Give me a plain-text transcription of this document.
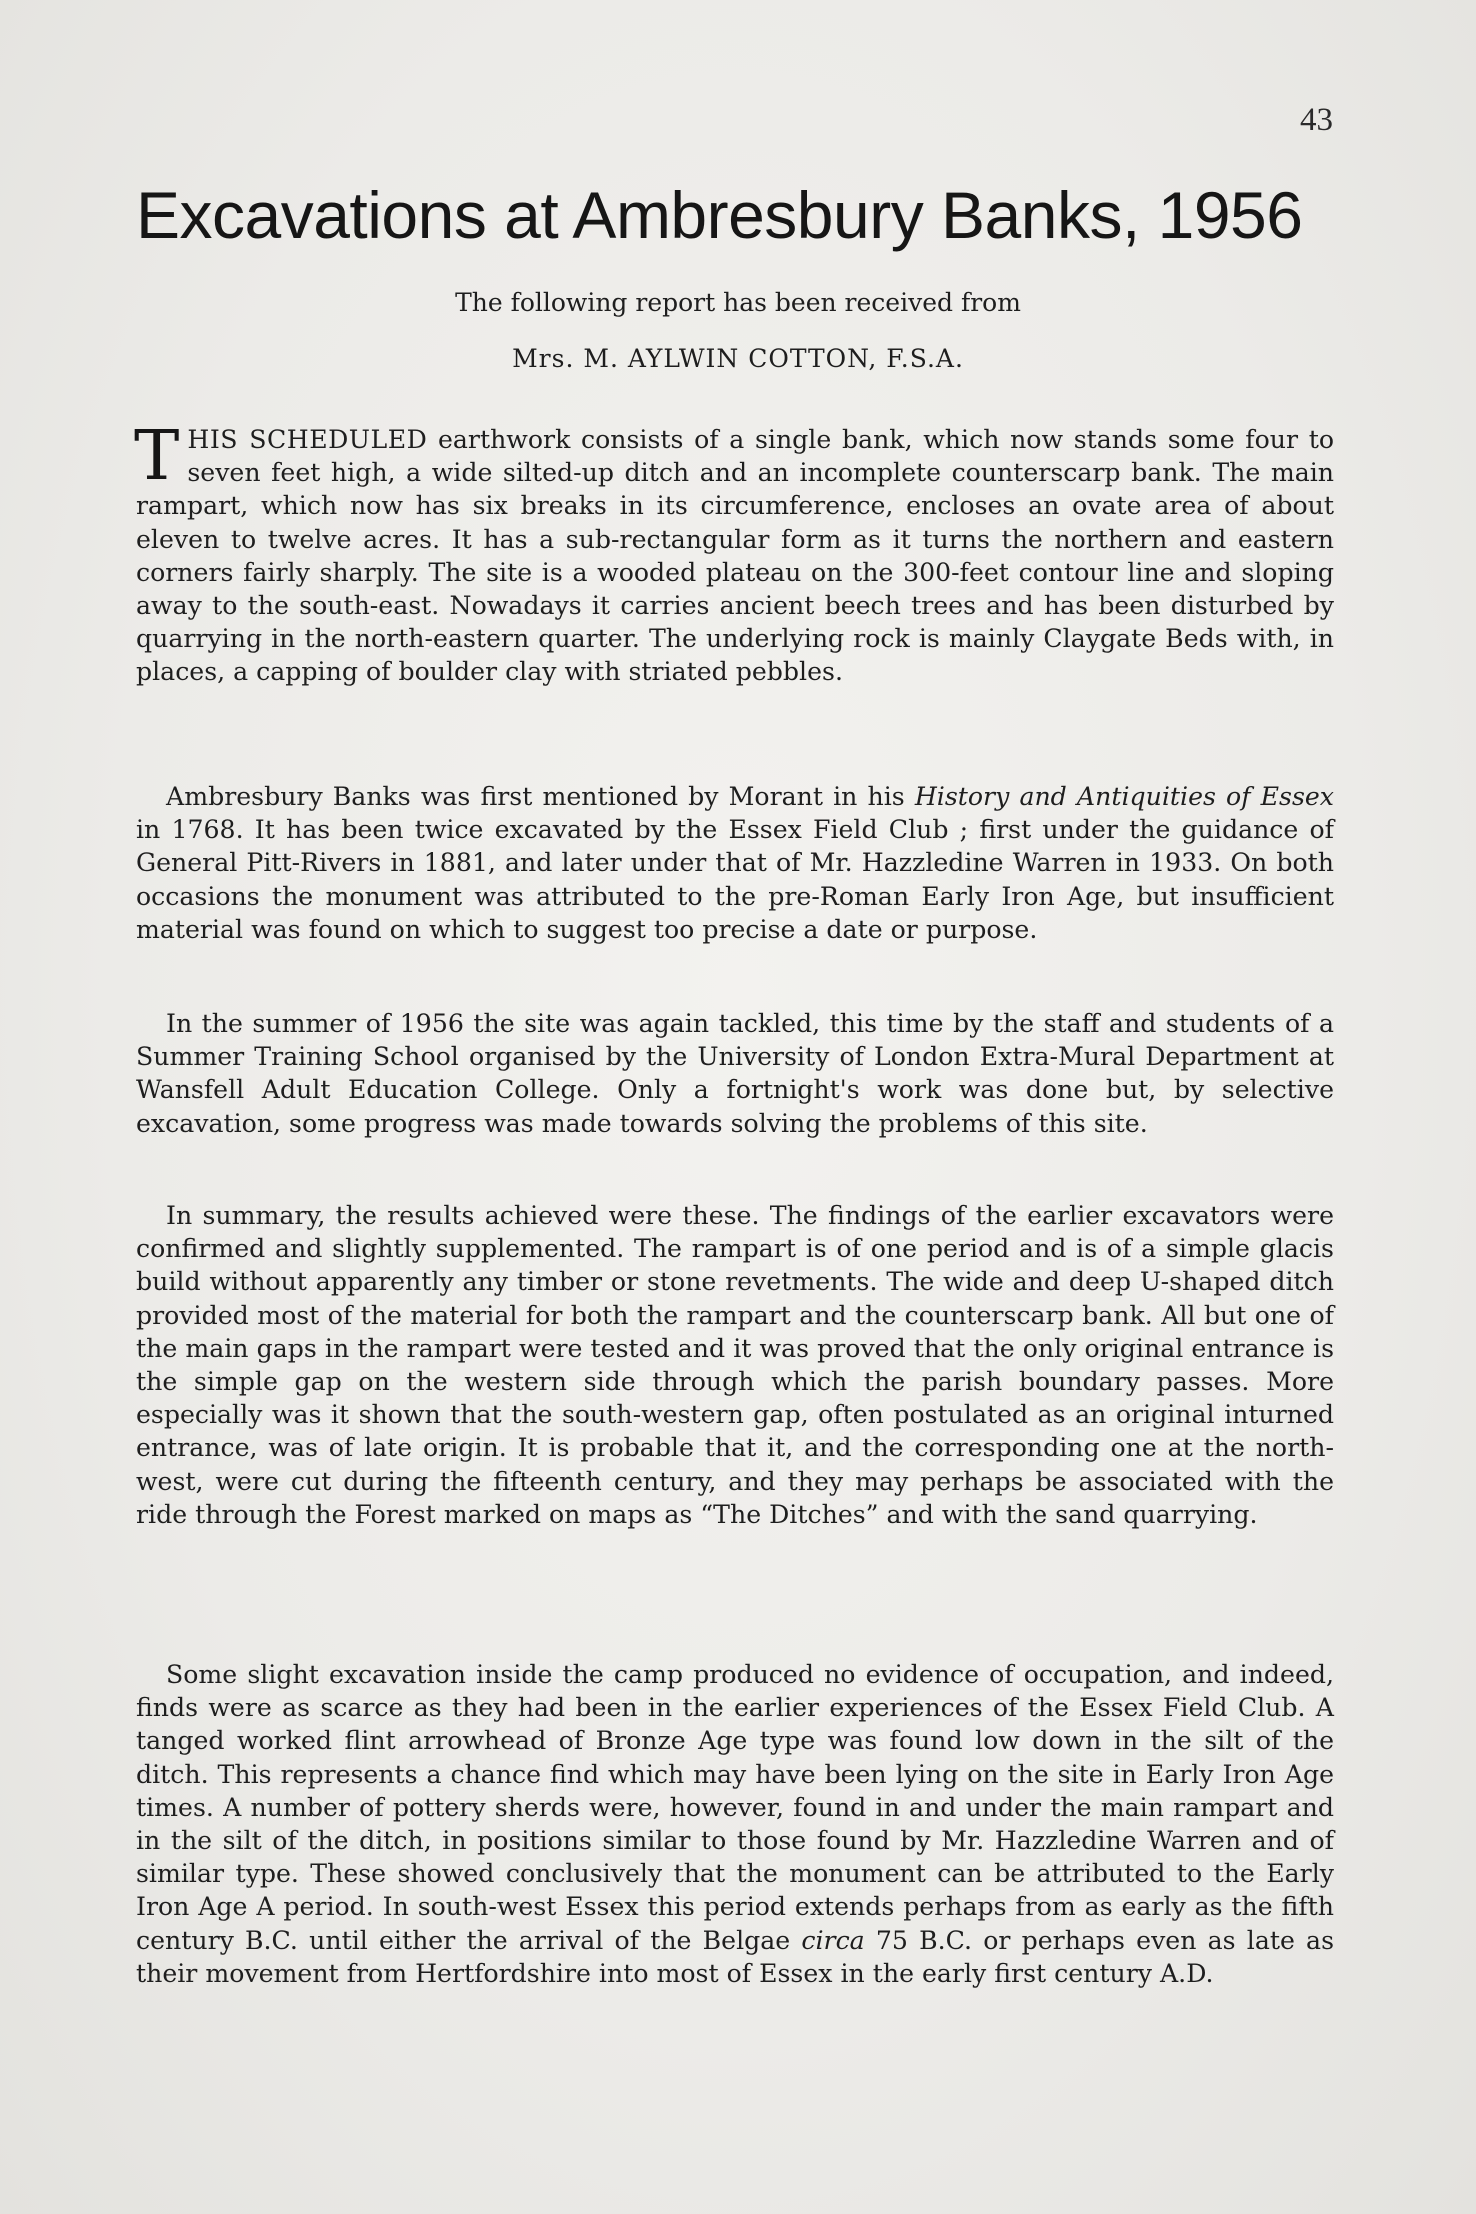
43
Excavations at Ambresbury Banks, 1956
The following report has been received from
Mrs. M. AYLWIN COTTON, F.S.A.

THIS SCHEDULED earthwork consists of a single bank, which now stands some four to seven feet high, a wide silted-up ditch and an incomplete counterscarp bank. The main rampart, which now has six breaks in its circumference, encloses an ovate area of about eleven to twelve acres. It has a sub-rectangular form as it turns the northern and eastern corners fairly sharply. The site is a wooded plateau on the 300-feet contour line and sloping away to the south-east. Nowadays it carries ancient beech trees and has been disturbed by quarrying in the north-eastern quarter. The underlying rock is mainly Claygate Beds with, in places, a capping of boulder clay with striated pebbles.

Ambresbury Banks was first mentioned by Morant in his History and Antiquities of Essex in 1768. It has been twice excavated by the Essex Field Club ; first under the guidance of General Pitt-Rivers in 1881, and later under that of Mr. Hazzledine Warren in 1933. On both occasions the monument was attributed to the pre-Roman Early Iron Age, but insufficient material was found on which to suggest too precise a date or purpose.

In the summer of 1956 the site was again tackled, this time by the staff and students of a Summer Training School organised by the University of London Extra-Mural Department at Wansfell Adult Education College. Only a fortnight's work was done but, by selective excavation, some progress was made towards solving the problems of this site.

In summary, the results achieved were these. The findings of the earlier excavators were confirmed and slightly supplemented. The rampart is of one period and is of a simple glacis build without apparently any timber or stone revetments. The wide and deep U-shaped ditch provided most of the material for both the rampart and the counterscarp bank. All but one of the main gaps in the rampart were tested and it was proved that the only original entrance is the simple gap on the western side through which the parish boundary passes. More especially was it shown that the south-western gap, often postulated as an original inturned entrance, was of late origin. It is probable that it, and the corresponding one at the north-west, were cut during the fifteenth century, and they may perhaps be associated with the ride through the Forest marked on maps as “The Ditches” and with the sand quarrying.

Some slight excavation inside the camp produced no evidence of occupation, and indeed, finds were as scarce as they had been in the earlier experiences of the Essex Field Club. A tanged worked flint arrowhead of Bronze Age type was found low down in the silt of the ditch. This represents a chance find which may have been lying on the site in Early Iron Age times. A number of pottery sherds were, however, found in and under the main rampart and in the silt of the ditch, in positions similar to those found by Mr. Hazzledine Warren and of similar type. These showed conclusively that the monument can be attributed to the Early Iron Age A period. In south-west Essex this period extends perhaps from as early as the fifth century B.C. until either the arrival of the Belgae circa 75 B.C. or perhaps even as late as their movement from Hertfordshire into most of Essex in the early first century A.D.
